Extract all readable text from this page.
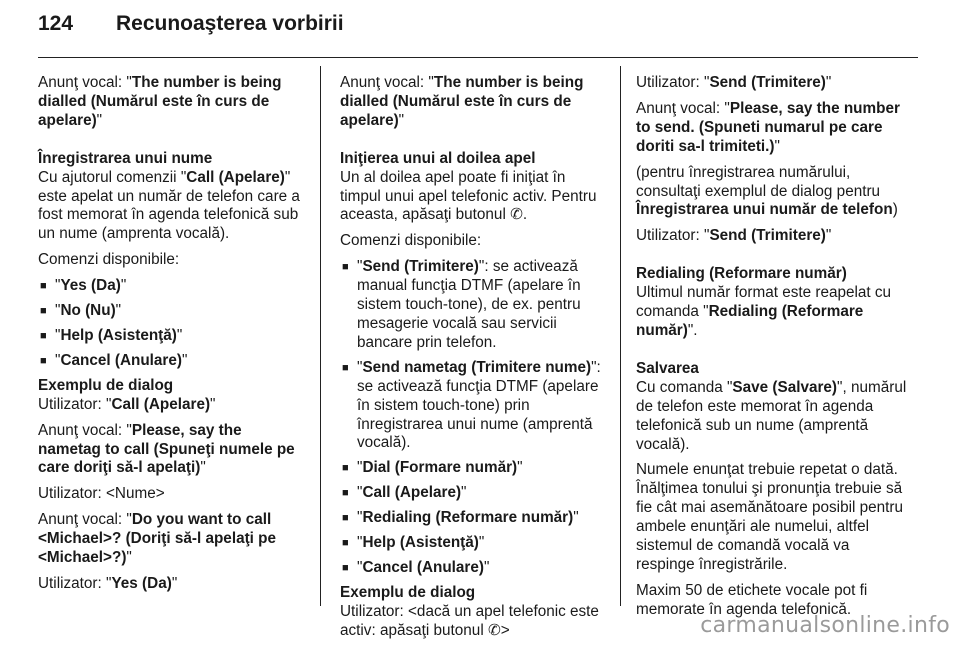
124 Recunoaşterea vorbirii

Anunţ vocal: "The number is being dialled (Numărul este în curs de apelare)"

Înregistrarea unui nume

Cu ajutorul comenzii "Call (Apelare)" este apelat un număr de telefon care a fost memorat în agenda telefonică sub un nume (amprenta vocală).

Comenzi disponibile:

■ "Yes (Da)"
■ "No (Nu)"
■ "Help (Asistenţă)"
■ "Cancel (Anulare)"

Exemplu de dialog

Utilizator: "Call (Apelare)"

Anunţ vocal: "Please, say the nametag to call (Spuneţi numele pe care doriţi să-l apelaţi)"

Utilizator: <Nume>

Anunţ vocal: "Do you want to call <Michael>? (Doriţi să-l apelaţi pe <Michael>?)"

Utilizator: "Yes (Da)"

Anunţ vocal: "The number is being dialled (Numărul este în curs de apelare)"

Iniţierea unui al doilea apel

Un al doilea apel poate fi iniţiat în timpul unui apel telefonic activ. Pentru aceasta, apăsaţi butonul ✆.

Comenzi disponibile:

■ "Send (Trimitere)": se activează manual funcţia DTMF (apelare în sistem touch-tone), de ex. pentru mesagerie vocală sau servicii bancare prin telefon.
■ "Send nametag (Trimitere nume)": se activează funcţia DTMF (apelare în sistem touch-tone) prin înregistrarea unui nume (amprentă vocală).
■ "Dial (Formare număr)"
■ "Call (Apelare)"
■ "Redialing (Reformare număr)"
■ "Help (Asistenţă)"
■ "Cancel (Anulare)"

Exemplu de dialog

Utilizator: <dacă un apel telefonic este activ: apăsaţi butonul ✆>

Utilizator: "Send (Trimitere)"

Anunţ vocal: "Please, say the number to send. (Spuneti numarul pe care doriti sa-l trimiteti.)"

(pentru înregistrarea numărului, consultaţi exemplul de dialog pentru Înregistrarea unui număr de telefon)

Utilizator: "Send (Trimitere)"

Redialing (Reformare număr)

Ultimul număr format este reapelat cu comanda "Redialing (Reformare număr)".

Salvarea

Cu comanda "Save (Salvare)", numărul de telefon este memorat în agenda telefonică sub un nume (amprentă vocală).

Numele enunţat trebuie repetat o dată. Înălţimea tonului şi pronunţia trebuie să fie cât mai asemănătoare posibil pentru ambele enunţări ale numelui, altfel sistemul de comandă vocală va respinge înregistrările.

Maxim 50 de etichete vocale pot fi memorate în agenda telefonică.

carmanualsonline.info
